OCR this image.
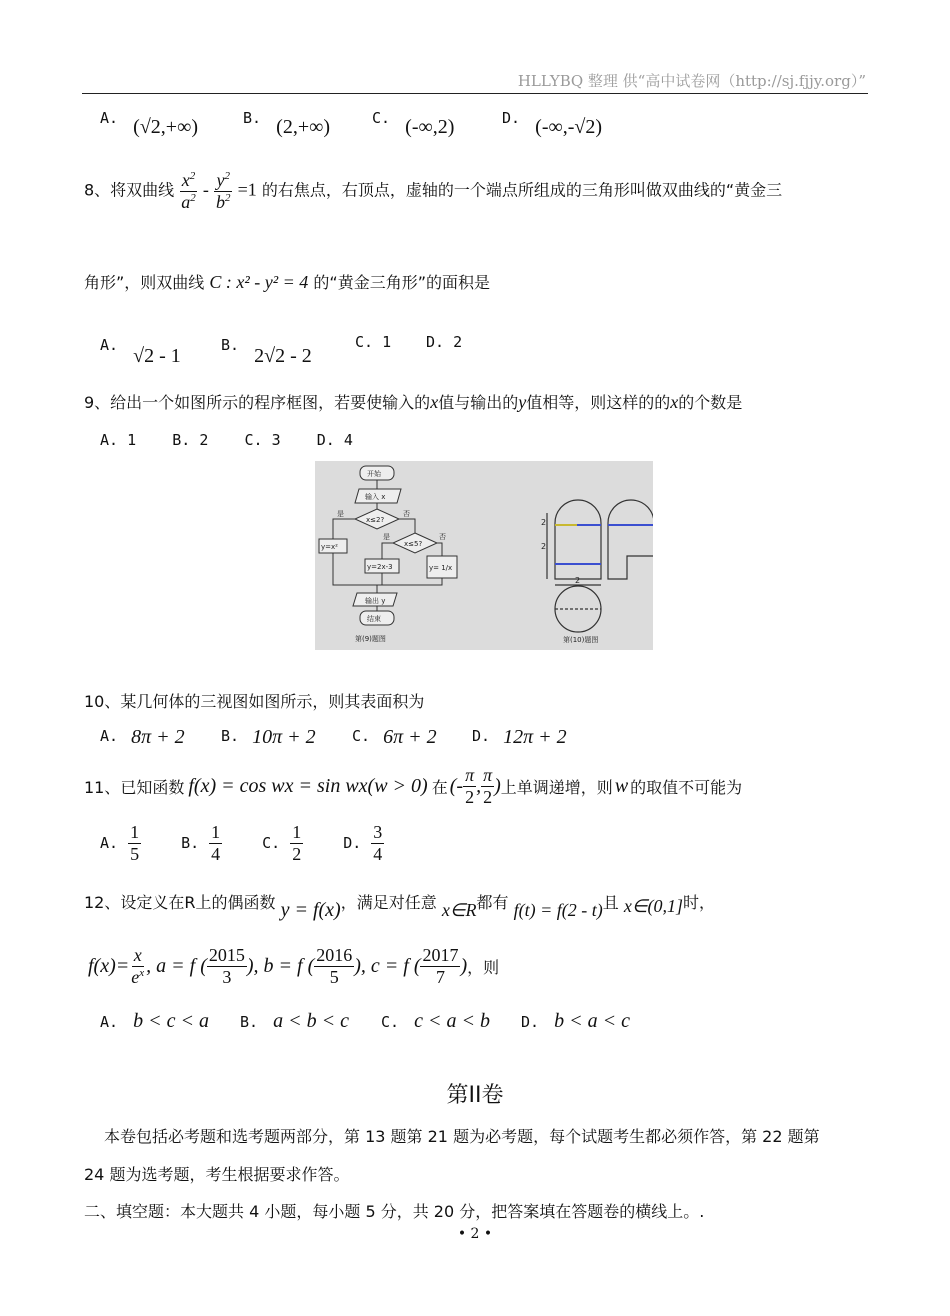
HLLYBQ 整理 供“高中试卷网（http://sj.fjjy.org）”
A. (√2,+∞)	B. (2,+∞)	C. (-∞,2)	D. (-∞,-√2)
8、将双曲线 $\frac{x^2}{a^2} - \frac{y^2}{b^2} =1$ 的右焦点，右顶点，虚轴的一个端点所组成的三角形叫做双曲线的“黄金三
角形”，则双曲线 C : x² - y² = 4 的“黄金三角形”的面积是
A. √2 - 1	B. 2√2 - 2
C. 1 D. 2
9、给出一个如图所示的程序框图，若要使输入的x值与输出的y值相等，则这样的的x的个数是
A. 1    B. 2    C. 3    D. 4
开始
输入 x
x≤2?
是	否
y=x²	x≤5?
是	否
y=2x-3	y= 1/x
输出 y
结束
第(9)题图
2
2
2
第(10)题图
10、某几何体的三视图如图所示，则其表面积为
A. 8π + 2 B. 10π + 2 C. 6π + 2 D. 12π + 2
11、已知函数 f(x) = cos wx = sin wx(w > 0) 在 (- $\frac{\pi}{2}$ , $\frac{\pi}{2}$ ) 上单调递增，则 w 的取值不可能为
A. $\frac{1}{5}$	B. $\frac{1}{4}$	C. $\frac{1}{2}$	D. $\frac{3}{4}$
12、设定义在R上的偶函数 y = f(x)，满足对任意 x∈R都有 f(t) = f(2 - t)且 x∈(0,1]时，
$f(x)= \frac{x}{e^x}$ , a = f ( $\frac{2015}{3}$ ), b = f ( $\frac{2016}{5}$ ), c = f ( $\frac{2017}{7}$ ) ，则
A. b < c < a B. a < b < c C. c < a < b D. b < a < c
第II卷
本卷包括必考题和选考题两部分，第 13 题第 21 题为必考题，每个试题考生都必须作答，第 22 题第
24 题为选考题，考生根据要求作答。
二、填空题：本大题共 4 小题，每小题 5 分，共 20 分，把答案填在答题卷的横线上。.
• 2 •
